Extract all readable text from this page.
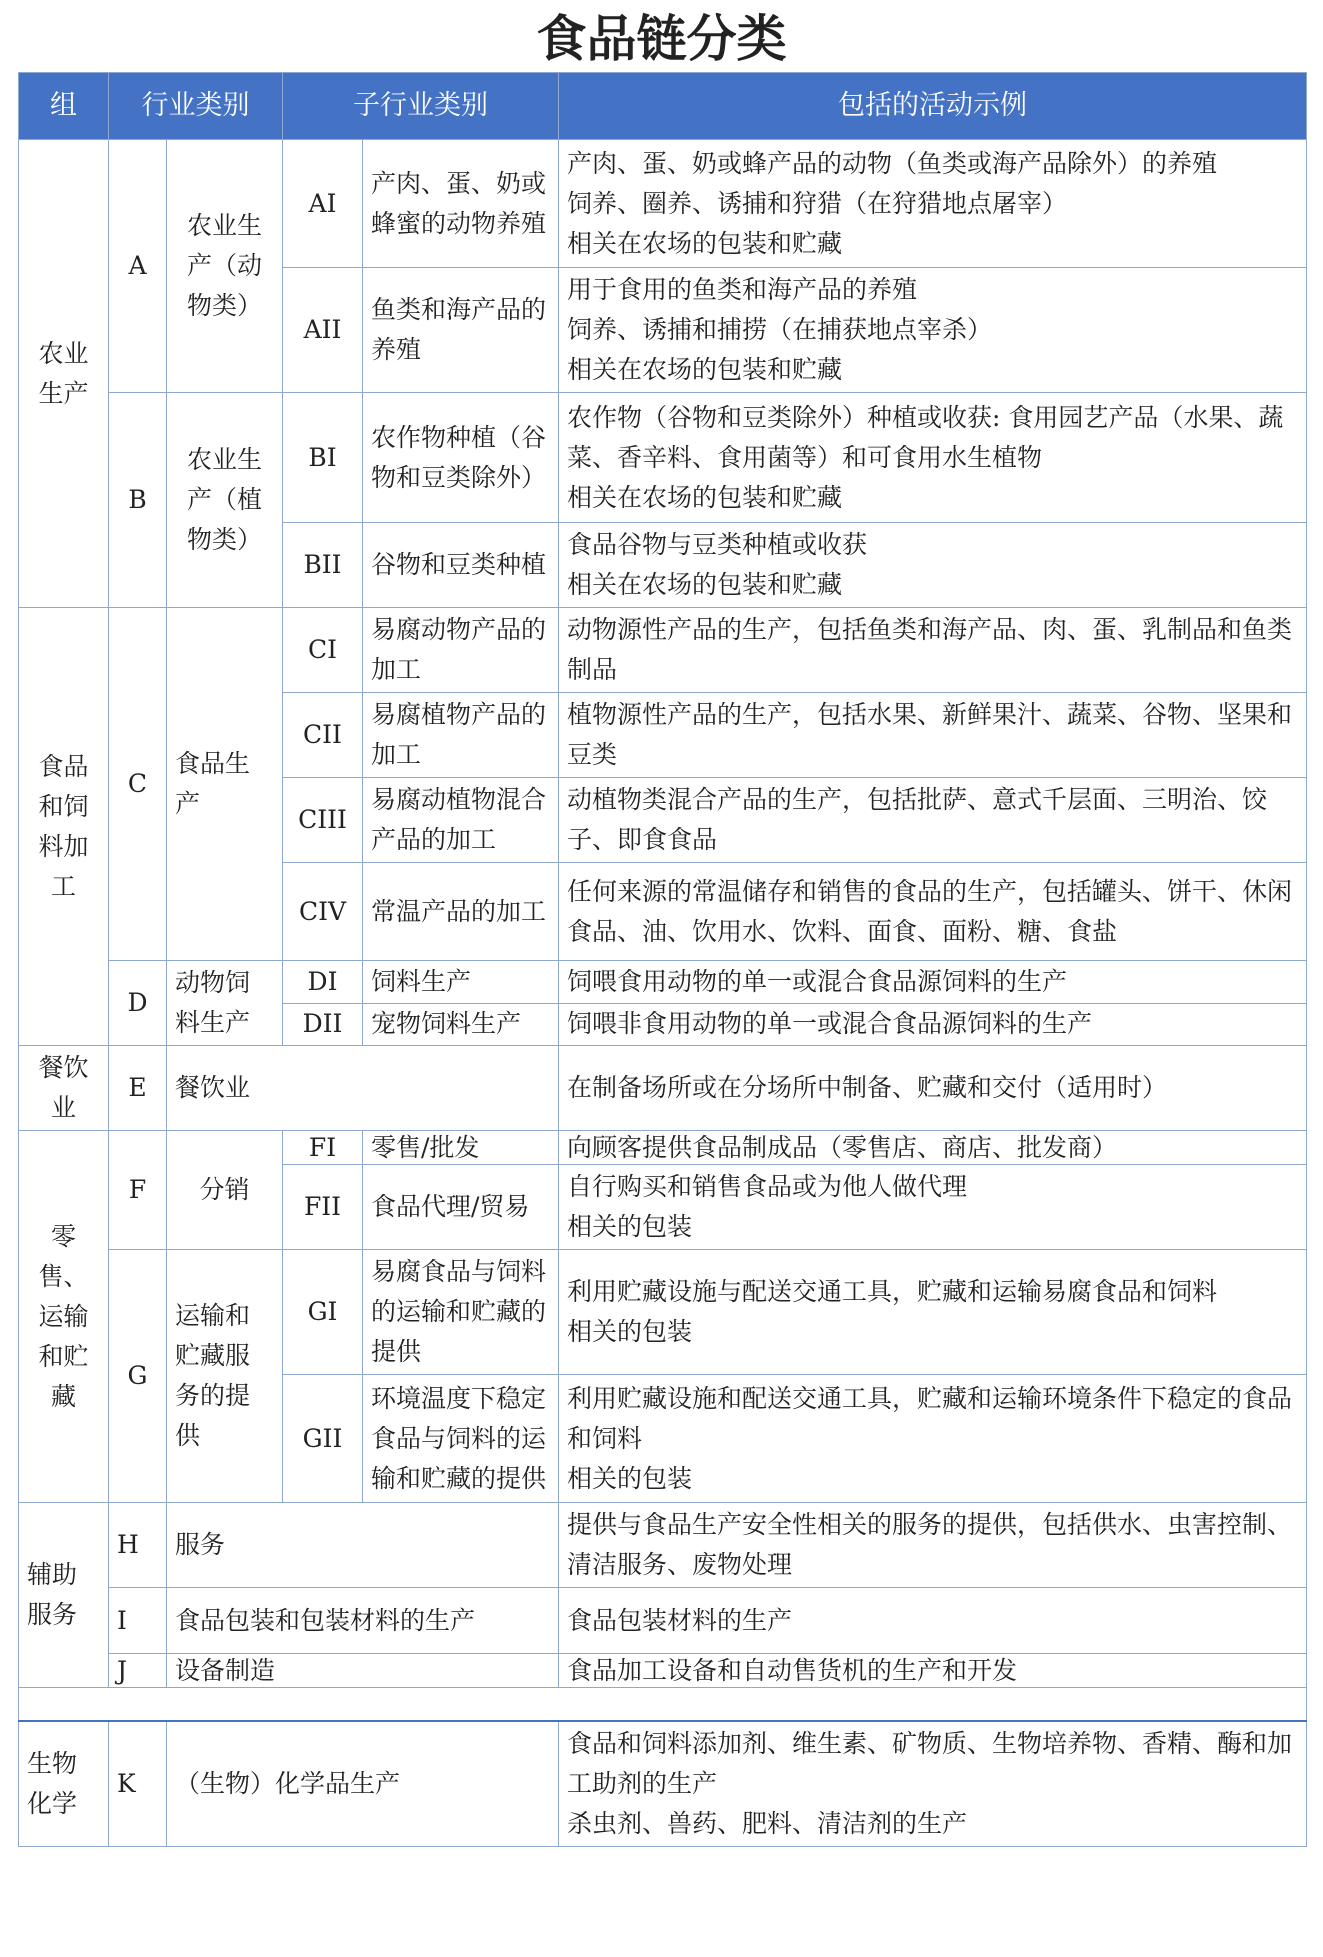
食品链分类
组	行业类别		子行业类别		包括的活动示例
农业生产	A	农业生产（动物类）	AI	产肉、蛋、奶或蜂蜜的动物养殖	产肉、蛋、奶或蜂产品的动物（鱼类或海产品除外）的养殖
饲养、圈养、诱捕和狩猎（在狩猎地点屠宰）
相关在农场的包装和贮藏

			AII	鱼类和海产品的养殖	用于食用的鱼类和海产品的养殖
饲养、诱捕和捕捞（在捕获地点宰杀）
相关在农场的包装和贮藏

	B	农业生产（植物类）	BI	农作物种植（谷物和豆类除外）	农作物（谷物和豆类除外）种植或收获: 食用园艺产品（水果、蔬菜、香辛料、食用菌等）和可食用水生植物
相关在农场的包装和贮藏

			BII	谷物和豆类种植	食品谷物与豆类种植或收获
相关在农场的包装和贮藏

食品和饲料加工	C	食品生产	CI	易腐动物产品的加工	动物源性产品的生产，包括鱼类和海产品、肉、蛋、乳制品和鱼类制品

			CII	易腐植物产品的加工	植物源性产品的生产，包括水果、新鲜果汁、蔬菜、谷物、坚果和豆类

			CIII	易腐动植物混合产品的加工	动植物类混合产品的生产，包括批萨、意式千层面、三明治、饺子、即食食品

			CIV	常温产品的加工	任何来源的常温储存和销售的食品的生产，包括罐头、饼干、休闲食品、油、饮用水、饮料、面食、面粉、糖、食盐

	D	动物饲料生产	DI	饲料生产	饲喂食用动物的单一或混合食品源饲料的生产

			DII	宠物饲料生产	饲喂非食用动物的单一或混合食品源饲料的生产

餐饮业	E	餐饮业			在制备场所或在分场所中制备、贮藏和交付（适用时）
零售、运输和贮藏	F	分销	FI	零售/批发	向顾客提供食品制成品（零售店、商店、批发商）

			FII	食品代理/贸易	自行购买和销售食品或为他人做代理
相关的包装

	G	运输和贮藏服务的提供	GI	易腐食品与饲料的运输和贮藏的提供	利用贮藏设施与配送交通工具，贮藏和运输易腐食品和饲料
相关的包装

			GII	环境温度下稳定食品与饲料的运输和贮藏的提供	利用贮藏设施和配送交通工具，贮藏和运输环境条件下稳定的食品和饲料
相关的包装

辅助服务	H	服务			提供与食品生产安全性相关的服务的提供，包括供水、虫害控制、清洁服务、废物处理
	I	食品包装和包装材料的生产			食品包装材料的生产
	J	设备制造			食品加工设备和自动售货机的生产和开发

生物化学	K	（生物）化学品生产			食品和饲料添加剂、维生素、矿物质、生物培养物、香精、酶和加工助剂的生产
杀虫剂、兽药、肥料、清洁剂的生产
